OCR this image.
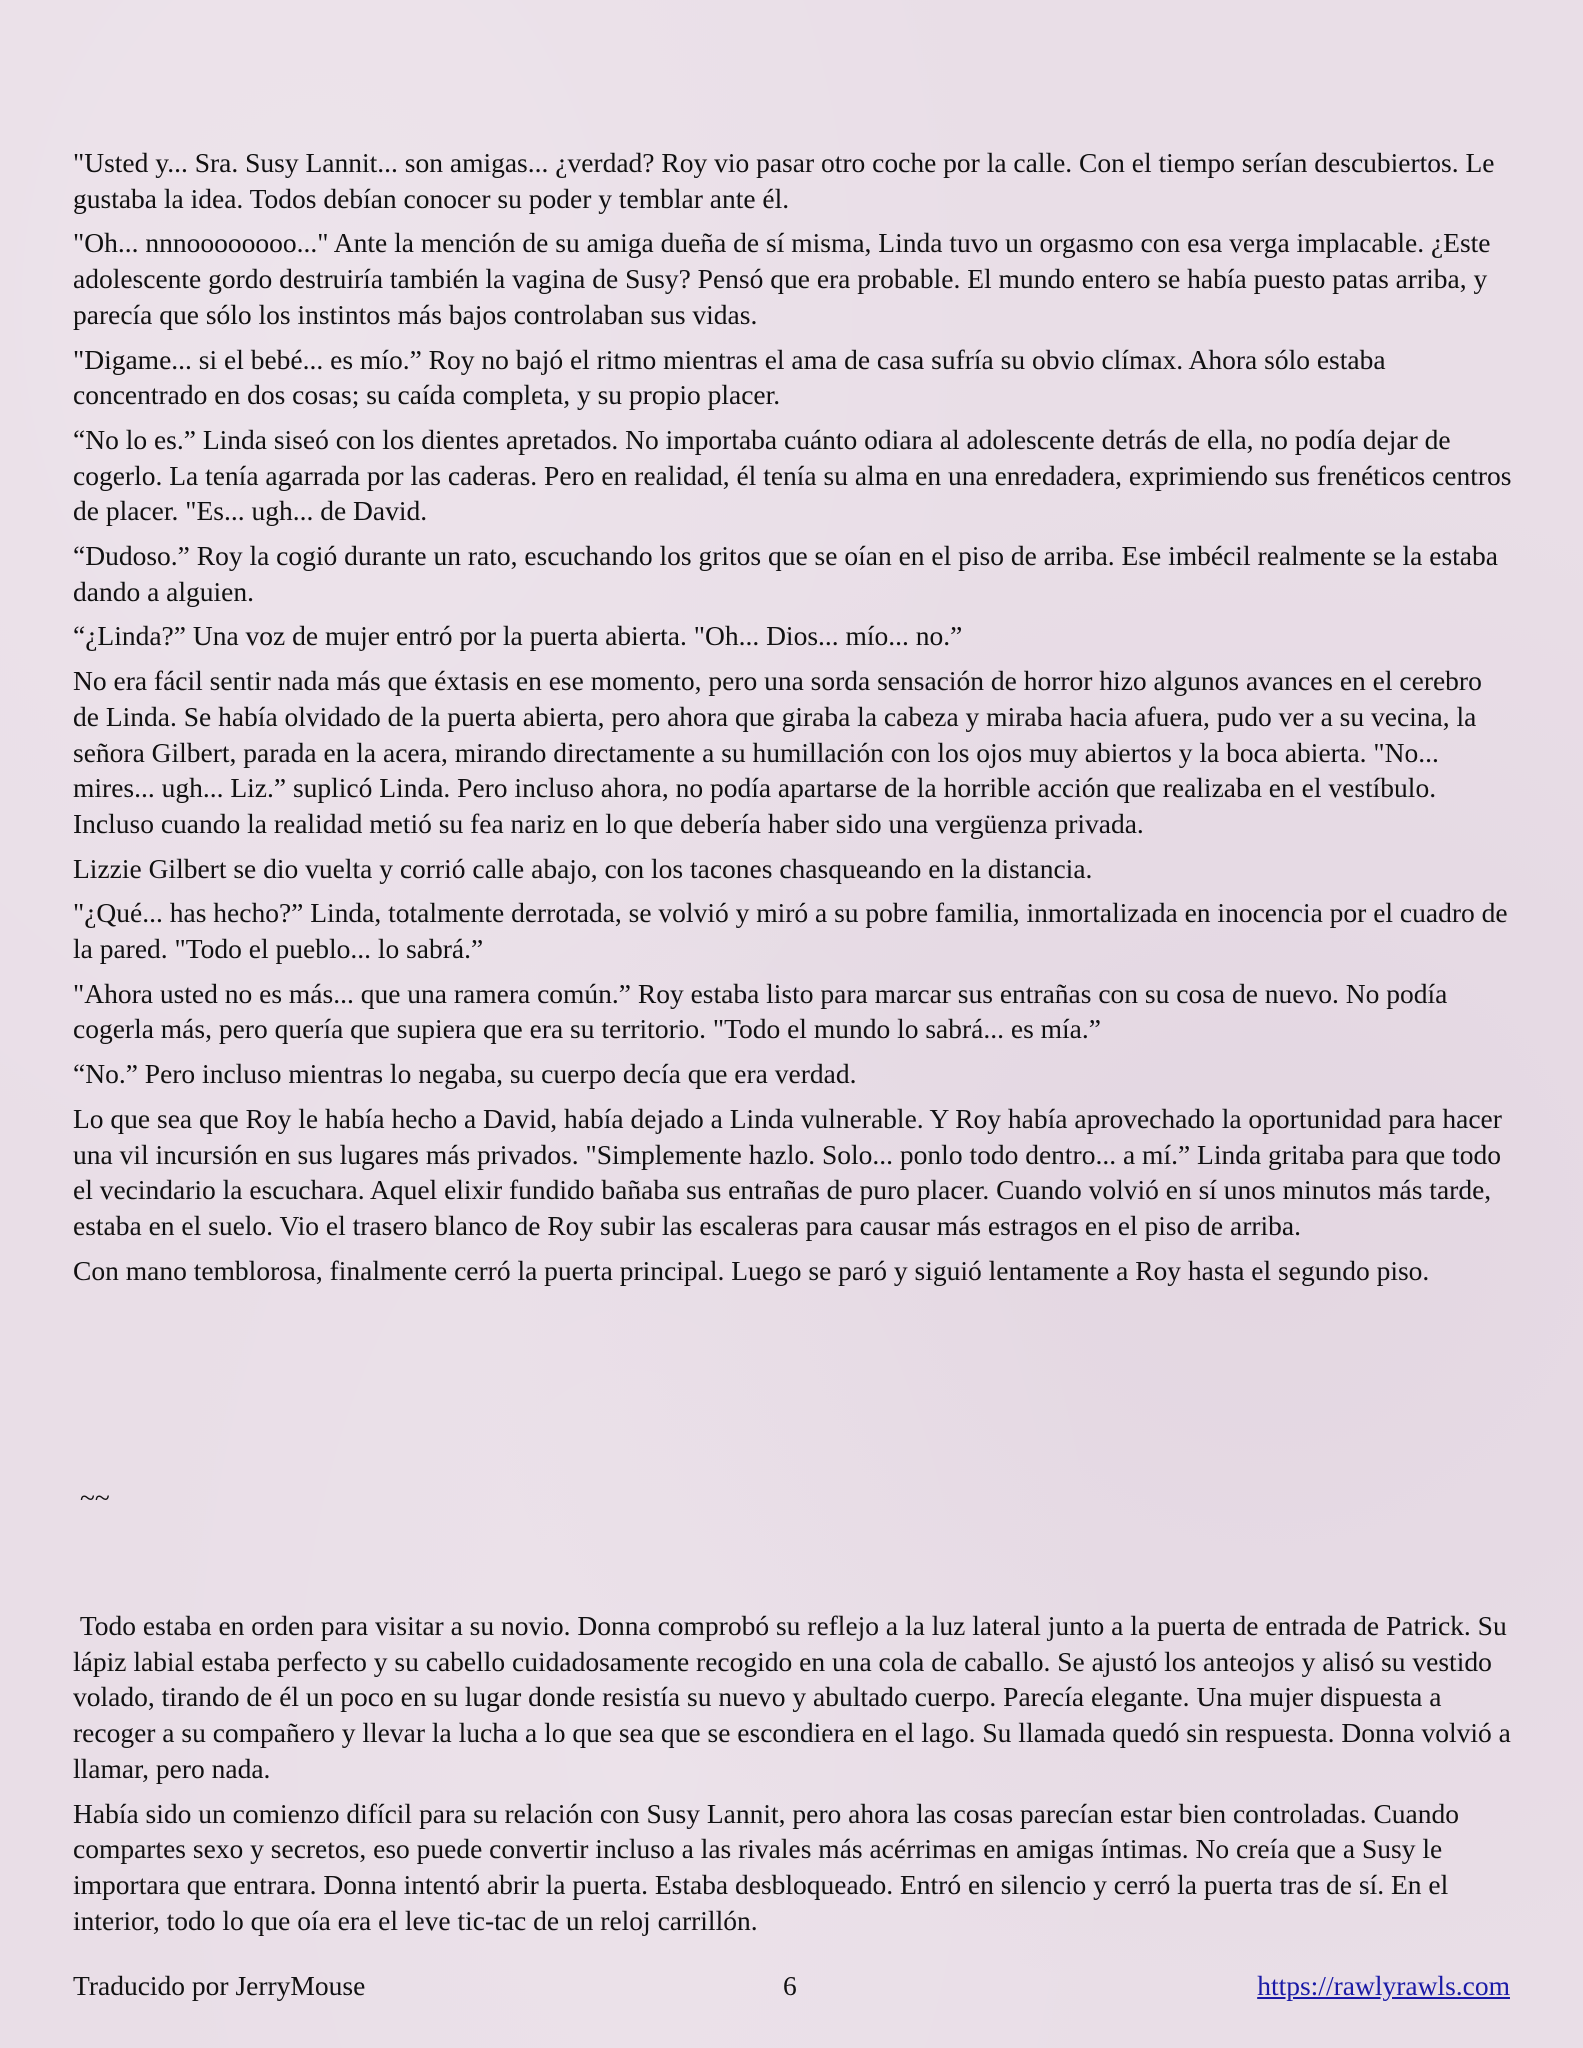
"Usted y... Sra. Susy Lannit... son amigas... ¿verdad? Roy vio pasar otro coche por la calle. Con el tiempo serían descubiertos. Le gustaba la idea. Todos debían conocer su poder y temblar ante él.

"Oh... nnnoooooooo..." Ante la mención de su amiga dueña de sí misma, Linda tuvo un orgasmo con esa verga implacable. ¿Este adolescente gordo destruiría también la vagina de Susy? Pensó que era probable. El mundo entero se había puesto patas arriba, y parecía que sólo los instintos más bajos controlaban sus vidas.

"Digame... si el bebé... es mío.” Roy no bajó el ritmo mientras el ama de casa sufría su obvio clímax. Ahora sólo estaba concentrado en dos cosas; su caída completa, y su propio placer.

“No lo es.” Linda siseó con los dientes apretados. No importaba cuánto odiara al adolescente detrás de ella, no podía dejar de cogerlo. La tenía agarrada por las caderas. Pero en realidad, él tenía su alma en una enredadera, exprimiendo sus frenéticos centros de placer. "Es... ugh... de David.

“Dudoso.” Roy la cogió durante un rato, escuchando los gritos que se oían en el piso de arriba. Ese imbécil realmente se la estaba dando a alguien.

“¿Linda?” Una voz de mujer entró por la puerta abierta. "Oh... Dios... mío... no.”

No era fácil sentir nada más que éxtasis en ese momento, pero una sorda sensación de horror hizo algunos avances en el cerebro de Linda. Se había olvidado de la puerta abierta, pero ahora que giraba la cabeza y miraba hacia afuera, pudo ver a su vecina, la señora Gilbert, parada en la acera, mirando directamente a su humillación con los ojos muy abiertos y la boca abierta. "No... mires... ugh... Liz.” suplicó Linda. Pero incluso ahora, no podía apartarse de la horrible acción que realizaba en el vestíbulo. Incluso cuando la realidad metió su fea nariz en lo que debería haber sido una vergüenza privada.

Lizzie Gilbert se dio vuelta y corrió calle abajo, con los tacones chasqueando en la distancia.

"¿Qué... has hecho?” Linda, totalmente derrotada, se volvió y miró a su pobre familia, inmortalizada en inocencia por el cuadro de la pared. "Todo el pueblo... lo sabrá.”

"Ahora usted no es más... que una ramera común.” Roy estaba listo para marcar sus entrañas con su cosa de nuevo. No podía cogerla más, pero quería que supiera que era su territorio. "Todo el mundo lo sabrá... es mía.”

“No.” Pero incluso mientras lo negaba, su cuerpo decía que era verdad.

Lo que sea que Roy le había hecho a David, había dejado a Linda vulnerable. Y Roy había aprovechado la oportunidad para hacer una vil incursión en sus lugares más privados. "Simplemente hazlo. Solo... ponlo todo dentro... a mí.” Linda gritaba para que todo el vecindario la escuchara. Aquel elixir fundido bañaba sus entrañas de puro placer. Cuando volvió en sí unos minutos más tarde, estaba en el suelo. Vio el trasero blanco de Roy subir las escaleras para causar más estragos en el piso de arriba.

Con mano temblorosa, finalmente cerró la puerta principal. Luego se paró y siguió lentamente a Roy hasta el segundo piso.

~~

Todo estaba en orden para visitar a su novio. Donna comprobó su reflejo a la luz lateral junto a la puerta de entrada de Patrick. Su lápiz labial estaba perfecto y su cabello cuidadosamente recogido en una cola de caballo. Se ajustó los anteojos y alisó su vestido volado, tirando de él un poco en su lugar donde resistía su nuevo y abultado cuerpo. Parecía elegante. Una mujer dispuesta a recoger a su compañero y llevar la lucha a lo que sea que se escondiera en el lago. Su llamada quedó sin respuesta. Donna volvió a llamar, pero nada.

Había sido un comienzo difícil para su relación con Susy Lannit, pero ahora las cosas parecían estar bien controladas. Cuando compartes sexo y secretos, eso puede convertir incluso a las rivales más acérrimas en amigas íntimas. No creía que a Susy le importara que entrara. Donna intentó abrir la puerta. Estaba desbloqueado. Entró en silencio y cerró la puerta tras de sí. En el interior, todo lo que oía era el leve tic-tac de un reloj carrillón.

Traducido por JerryMouse	6	https://rawlyrawls.com
